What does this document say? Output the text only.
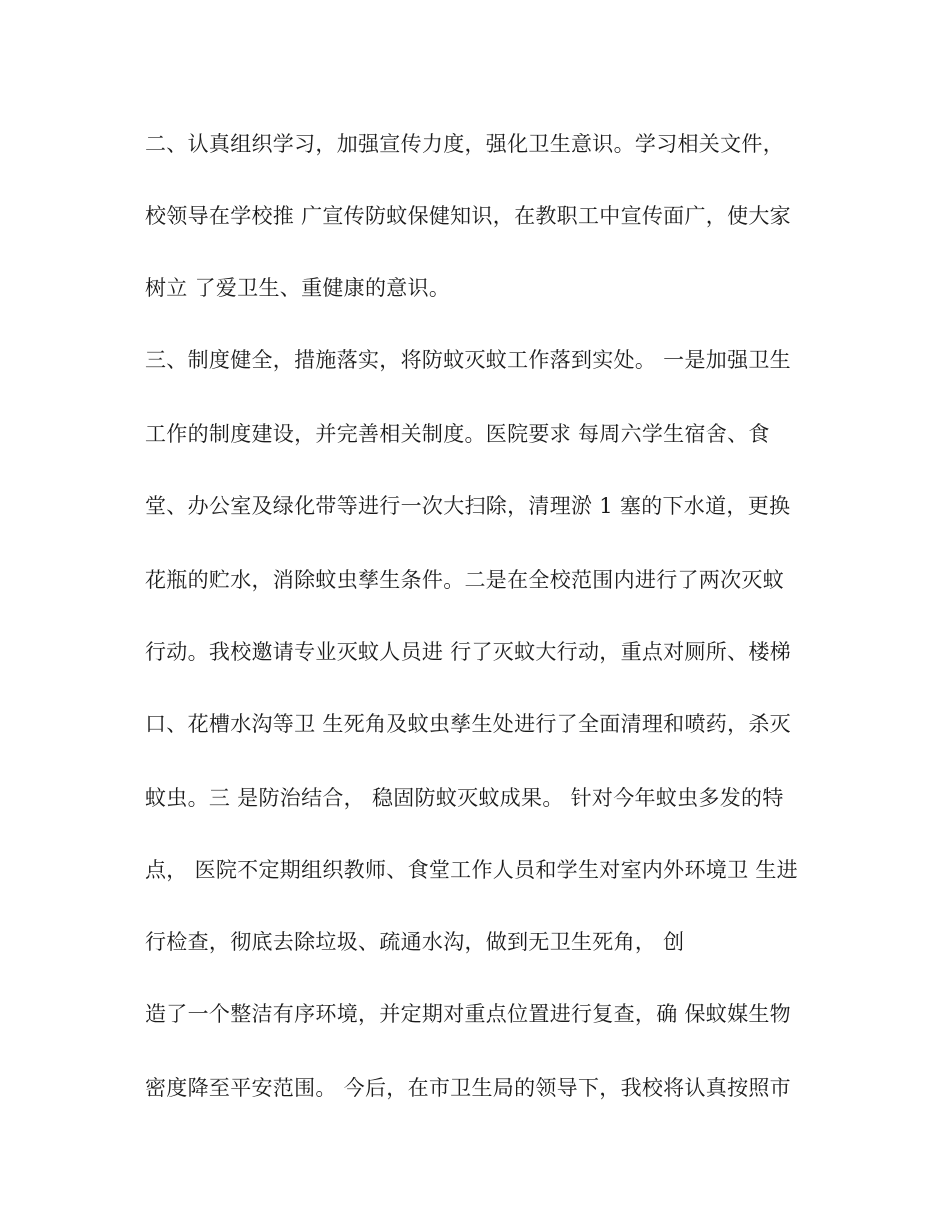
二、认真组织学习，加强宣传力度，强化卫生意识。学习相关文件，
校领导在学校推 广宣传防蚊保健知识，在教职工中宣传面广，使大家
树立 了爱卫生、重健康的意识。
三、制度健全，措施落实，将防蚊灭蚊工作落到实处。 一是加强卫生
工作的制度建设，并完善相关制度。医院要求 每周六学生宿舍、食
堂、办公室及绿化带等进行一次大扫除，清理淤 1 塞的下水道，更换
花瓶的贮水，消除蚊虫孳生条件。二是在全校范围内进行了两次灭蚊
行动。我校邀请专业灭蚊人员进 行了灭蚊大行动，重点对厕所、楼梯
口、花槽水沟等卫 生死角及蚊虫孳生处进行了全面清理和喷药，杀灭
蚊虫。三 是防治结合， 稳固防蚊灭蚊成果。 针对今年蚊虫多发的特
点， 医院不定期组织教师、食堂工作人员和学生对室内外环境卫 生进
行检查，彻底去除垃圾、疏通水沟，做到无卫生死角， 创
造了一个整洁有序环境，并定期对重点位置进行复查，确 保蚊媒生物
密度降至平安范围。 今后，在市卫生局的领导下，我校将认真按照市
